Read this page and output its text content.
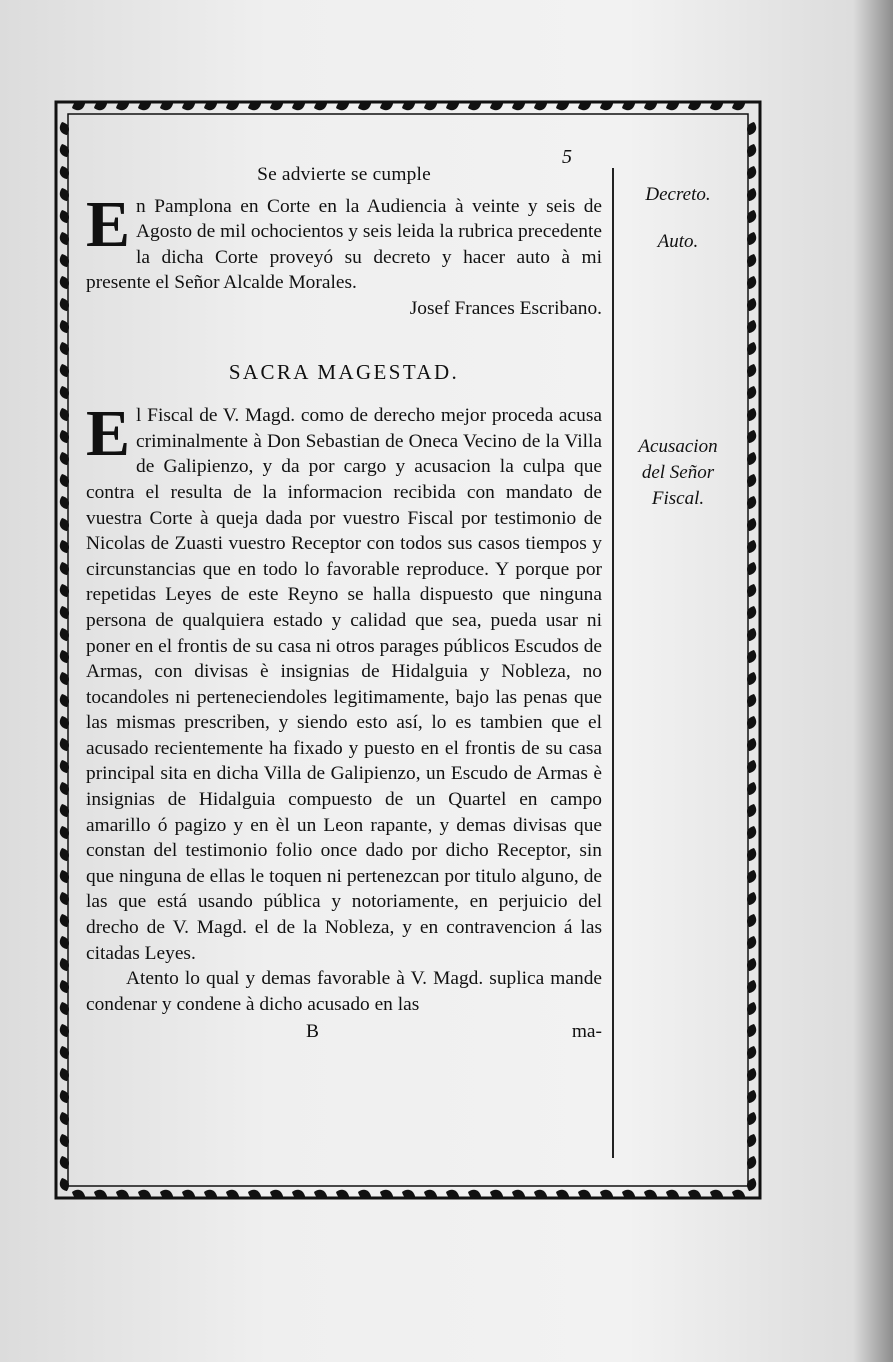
5
Se advierte se cumple

En Pamplona en Corte en la Audiencia à veinte y seis de Agosto de mil ochocientos y seis leida la rubrica precedente la dicha Corte proveyó su decreto y hacer auto à mi presente el Señor Alcalde Morales.

Josef Frances Escribano.

SACRA MAGESTAD.

El Fiscal de V. Magd. como de derecho mejor proceda acusa criminalmente à Don Sebastian de Oneca Vecino de la Villa de Galipienzo, y da por cargo y acusacion la culpa que contra el resulta de la informacion recibida con mandato de vuestra Corte à queja dada por vuestro Fiscal por testimonio de Nicolas de Zuasti vuestro Receptor con todos sus casos tiempos y circunstancias que en todo lo favorable reproduce. Y porque por repetidas Leyes de este Reyno se halla dispuesto que ninguna persona de qualquiera estado y calidad que sea, pueda usar ni poner en el frontis de su casa ni otros parages públicos Escudos de Armas, con divisas è insignias de Hidalguia y Nobleza, no tocandoles ni perteneciendoles legitimamente, bajo las penas que las mismas prescriben, y siendo esto así, lo es tambien que el acusado recientemente ha fixado y puesto en el frontis de su casa principal sita en dicha Villa de Galipienzo, un Escudo de Armas è insignias de Hidalguia compuesto de un Quartel en campo amarillo ó pagizo y en èl un Leon rapante, y demas divisas que constan del testimonio folio once dado por dicho Receptor, sin que ninguna de ellas le toquen ni pertenezcan por titulo alguno, de las que está usando pública y notoriamente, en perjuicio del drecho de V. Magd. el de la Nobleza, y en contravencion á las citadas Leyes.

Atento lo qual y demas favorable à V. Magd. suplica mande condenar y condene à dicho acusado en las

B	ma-
Decreto.
Auto.
Acusacion
del Señor
Fiscal.
